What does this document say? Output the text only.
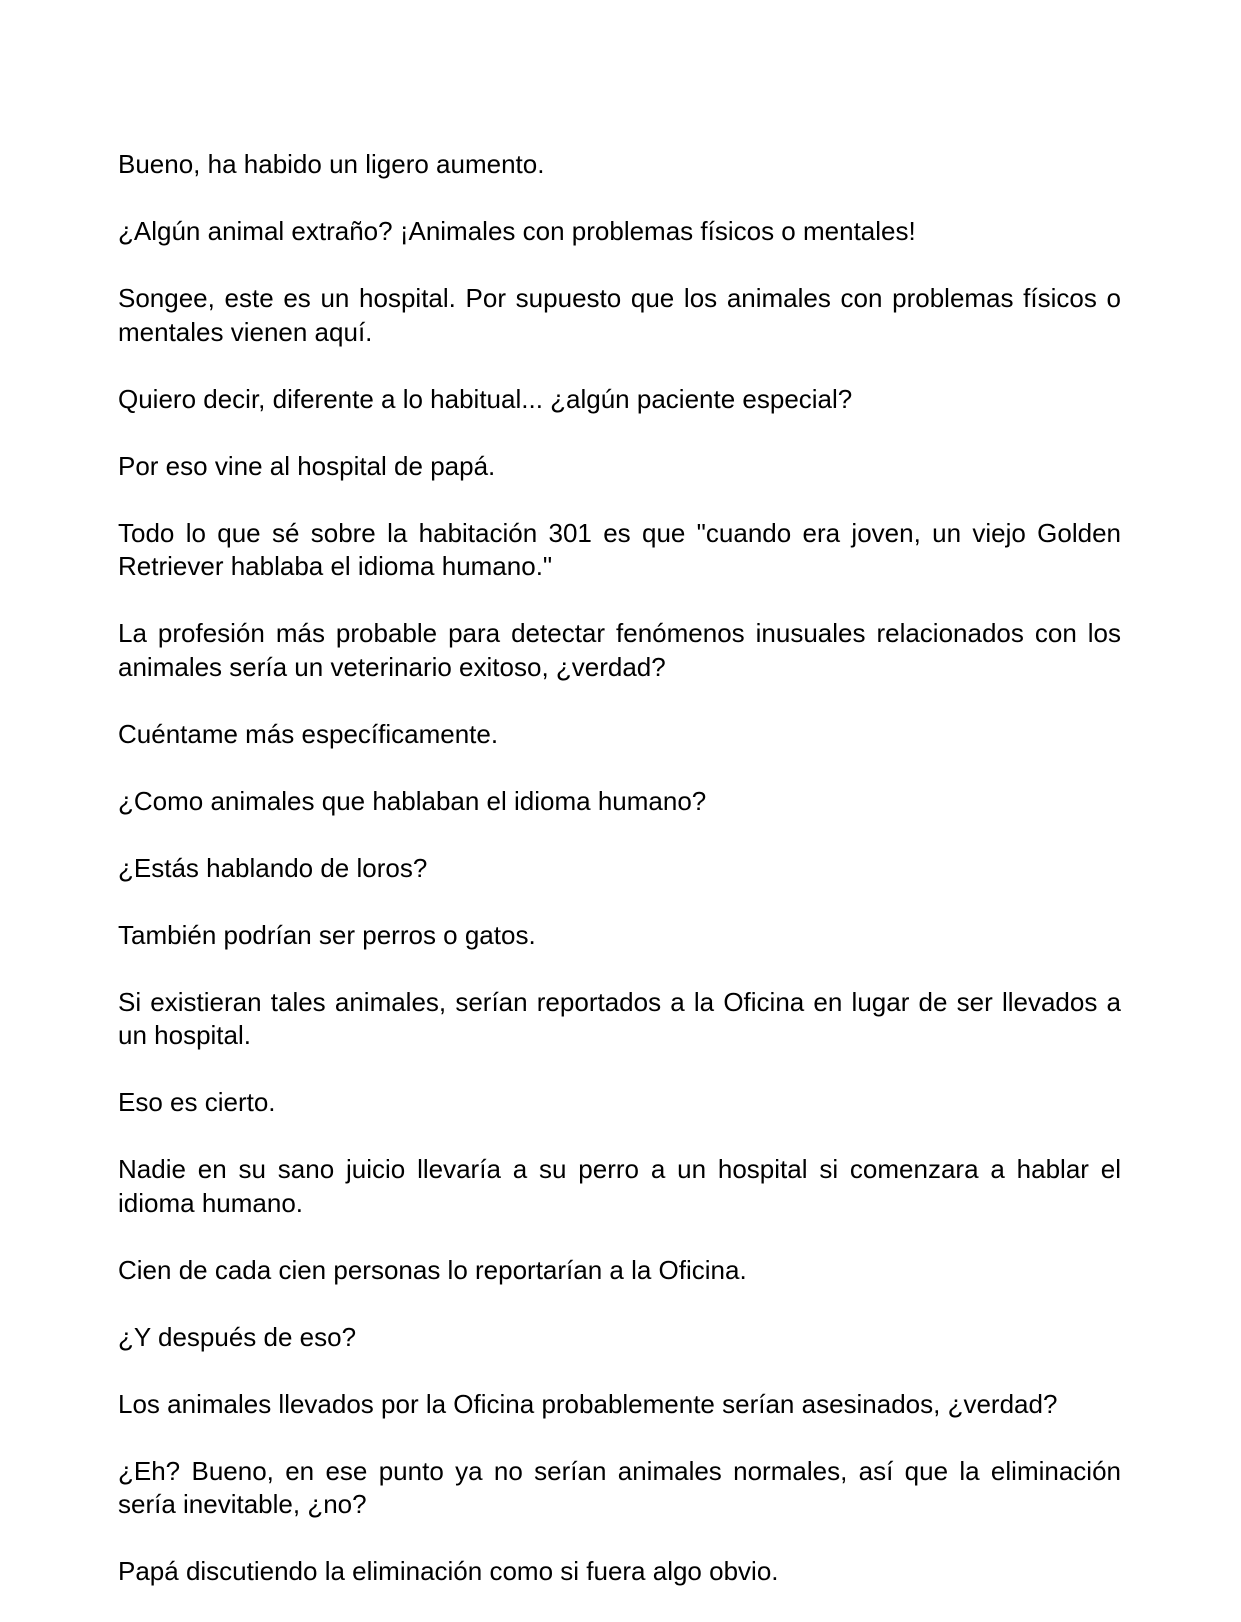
Bueno, ha habido un ligero aumento.

¿Algún animal extraño? ¡Animales con problemas físicos o mentales!

Songee, este es un hospital. Por supuesto que los animales con problemas físicos o mentales vienen aquí.

Quiero decir, diferente a lo habitual... ¿algún paciente especial?

Por eso vine al hospital de papá.

Todo lo que sé sobre la habitación 301 es que "cuando era joven, un viejo Golden Retriever hablaba el idioma humano."

La profesión más probable para detectar fenómenos inusuales relacionados con los animales sería un veterinario exitoso, ¿verdad?

Cuéntame más específicamente.

¿Como animales que hablaban el idioma humano?

¿Estás hablando de loros?

También podrían ser perros o gatos.

Si existieran tales animales, serían reportados a la Oficina en lugar de ser llevados a un hospital.

Eso es cierto.

Nadie en su sano juicio llevaría a su perro a un hospital si comenzara a hablar el idioma humano.

Cien de cada cien personas lo reportarían a la Oficina.

¿Y después de eso?

Los animales llevados por la Oficina probablemente serían asesinados, ¿verdad?

¿Eh? Bueno, en ese punto ya no serían animales normales, así que la eliminación sería inevitable, ¿no?

Papá discutiendo la eliminación como si fuera algo obvio.
